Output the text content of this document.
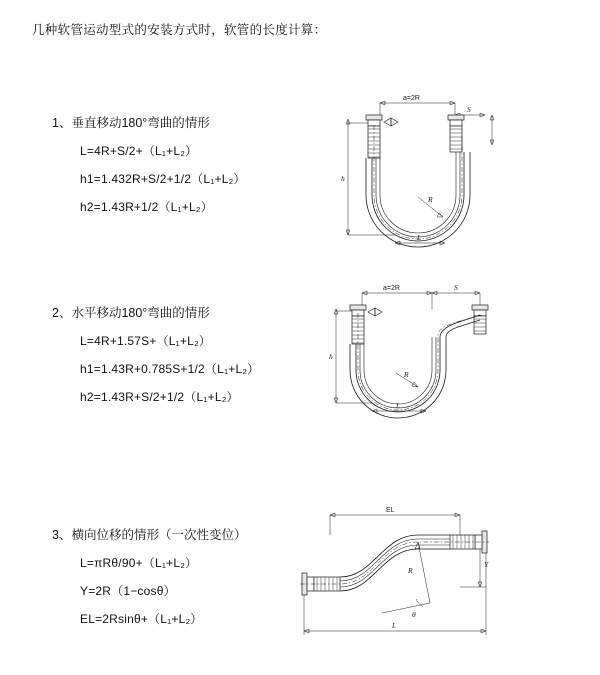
几种软管运动型式的安装方式时，软管的长度计算：
1、垂直移动180°弯曲的情形
L=4R+S/2+（L₁+L₂）
h1=1.432R+S/2+1/2（L₁+L₂）
h2=1.43R+1/2（L₁+L₂）
a=2R
S
h
R
L
2、水平移动180°弯曲的情形
L=4R+1.57S+（L₁+L₂）
h1=1.43R+0.785S+1/2（L₁+L₂）
h2=1.43R+S/2+1/2（L₁+L₂）
a=2R	S
h
R
L
3、横向位移的情形（一次性变位）
L=πRθ/90+（L₁+L₂）
Y=2R（1−cosθ）
EL=2Rsinθ+（L₁+L₂）
EL
Y
R
θ
L
